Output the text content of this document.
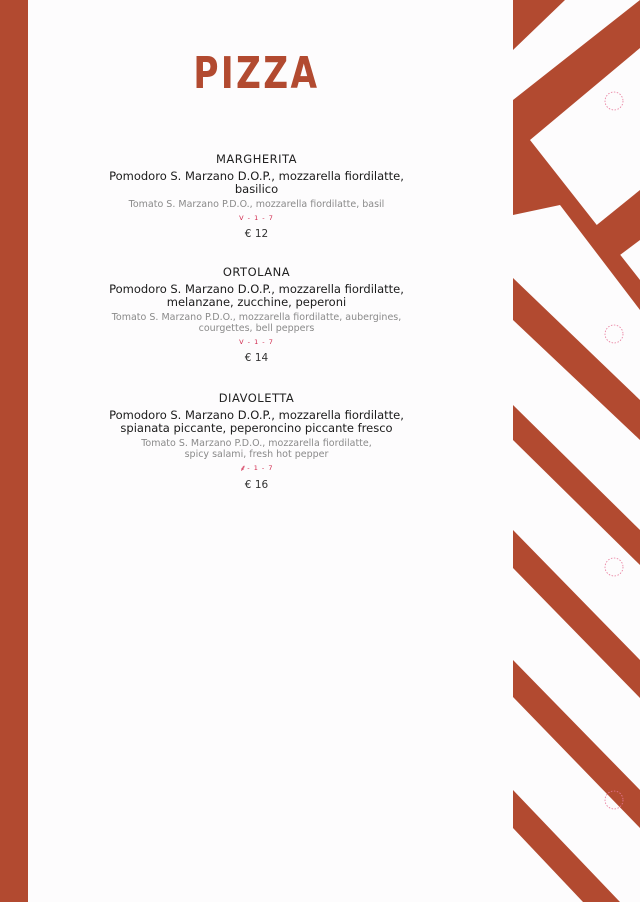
PIZZA
MARGHERITA
Pomodoro S. Marzano D.O.P., mozzarella fiordilatte, basilico
Tomato S. Marzano P.D.O., mozzarella fiordilatte, basil
V - 1 - 7
€ 12
ORTOLANA
Pomodoro S. Marzano D.O.P., mozzarella fiordilatte, melanzane, zucchine, peperoni
Tomato S. Marzano P.D.O., mozzarella fiordilatte, aubergines, courgettes, bell peppers
V - 1 - 7
€ 14
DIAVOLETTA
Pomodoro S. Marzano D.O.P., mozzarella fiordilatte, spianata piccante, peperoncino piccante fresco
Tomato S. Marzano P.D.O., mozzarella fiordilatte, spicy salami, fresh hot pepper
⸙- 1 - 7
€ 16
